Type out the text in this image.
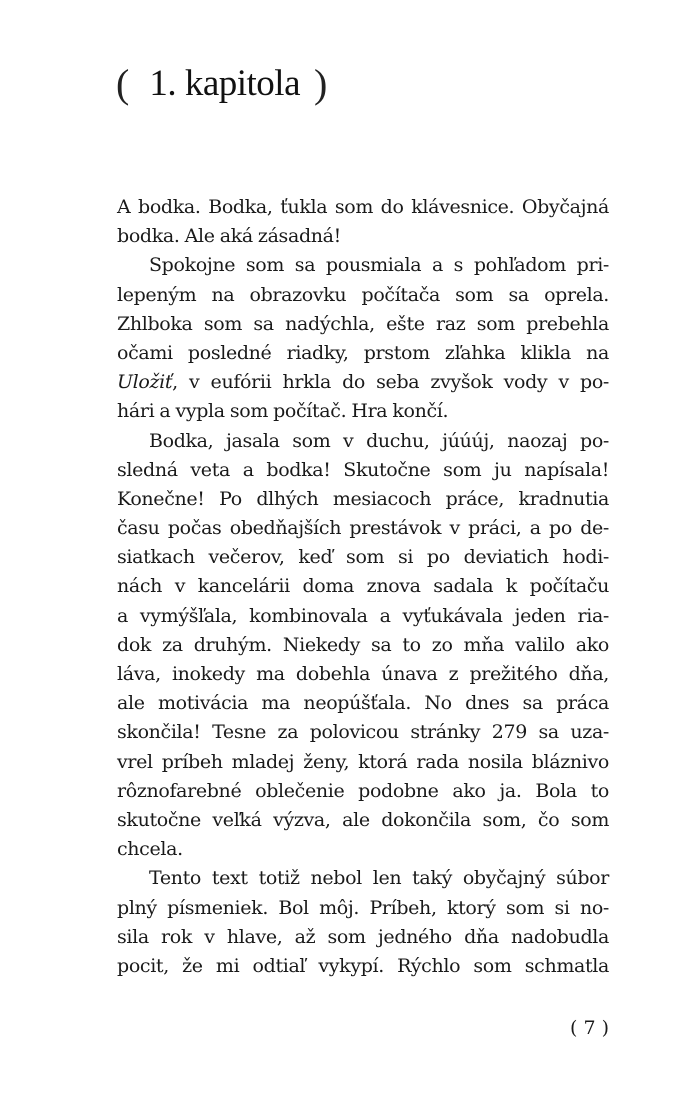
( 1. kapitola )
A bodka. Bodka, ťukla som do klávesnice. Obyčajná
bodka. Ale aká zásadná!
Spokojne som sa pousmiala a s pohľadom pri-
lepeným na obrazovku počítača som sa oprela.
Zhlboka som sa nadýchla, ešte raz som prebehla
očami posledné riadky, prstom zľahka klikla na
Uložiť, v eufórii hrkla do seba zvyšok vody v po-
hári a vypla som počítač. Hra končí.
Bodka, jasala som v duchu, júúúj, naozaj po-
sledná veta a bodka! Skutočne som ju napísala!
Konečne! Po dlhých mesiacoch práce, kradnutia
času počas obedňajších prestávok v práci, a po de-
siatkach večerov, keď som si po deviatich hodi-
nách v kancelárii doma znova sadala k počítaču
a vymýšľala, kombinovala a vyťukávala jeden ria-
dok za druhým. Niekedy sa to zo mňa valilo ako
láva, inokedy ma dobehla únava z prežitého dňa,
ale motivácia ma neopúšťala. No dnes sa práca
skončila! Tesne za polovicou stránky 279 sa uza-
vrel príbeh mladej ženy, ktorá rada nosila bláznivo
rôznofarebné oblečenie podobne ako ja. Bola to
skutočne veľká výzva, ale dokončila som, čo som
chcela.
Tento text totiž nebol len taký obyčajný súbor
plný písmeniek. Bol môj. Príbeh, ktorý som si no-
sila rok v hlave, až som jedného dňa nadobudla
pocit, že mi odtiaľ vykypí. Rýchlo som schmatla
( 7 )
